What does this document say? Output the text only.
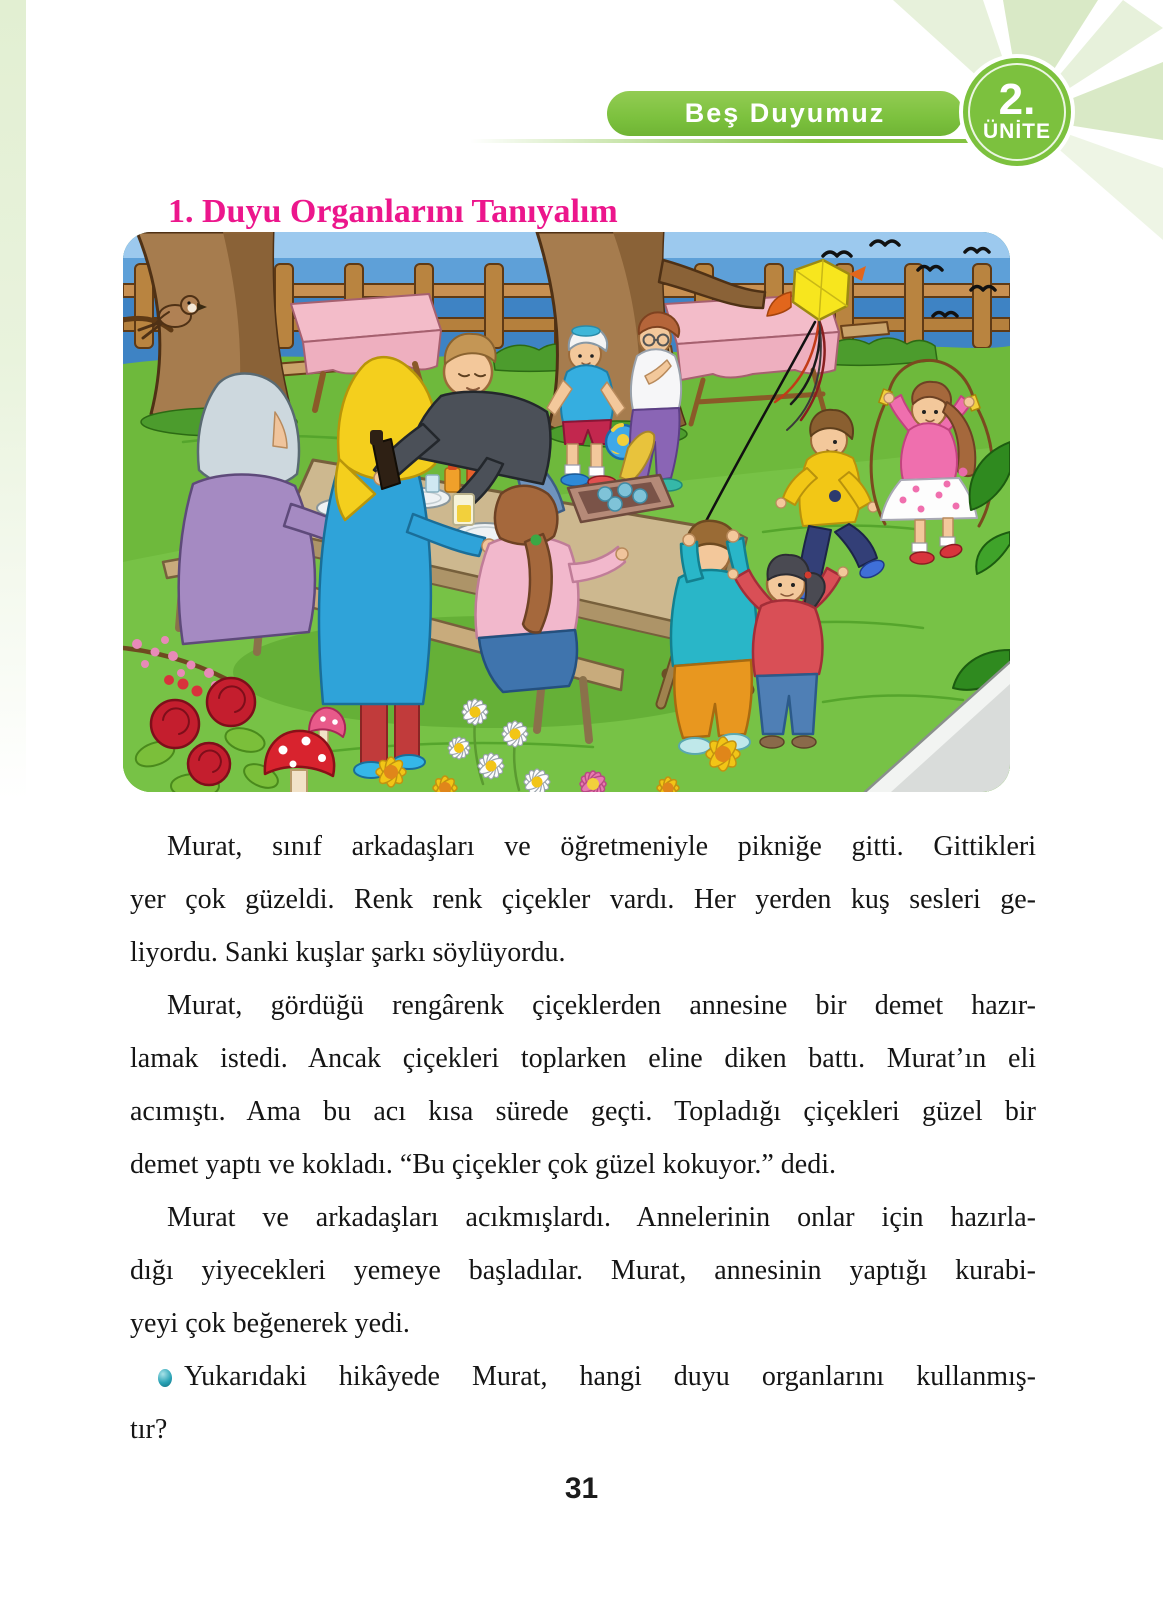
Beş Duyumuz	2.
ÜNİTE
1. Duyu Organlarını Tanıyalım
Murat, sınıf arkadaşları ve öğretmeniyle pikniğe gitti. Gittikleri
yer çok güzeldi. Renk renk çiçekler vardı. Her yerden kuş sesleri ge-
liyordu. Sanki kuşlar şarkı söylüyordu.
Murat, gördüğü rengârenk çiçeklerden annesine bir demet hazır-
lamak istedi. Ancak çiçekleri toplarken eline diken battı. Murat’ın eli
acımıştı. Ama bu acı kısa sürede geçti. Topladığı çiçekleri güzel bir
demet yaptı ve kokladı. “Bu çiçekler çok güzel kokuyor.” dedi.
Murat ve arkadaşları acıkmışlardı. Annelerinin onlar için hazırla-
dığı yiyecekleri yemeye başladılar. Murat, annesinin yaptığı kurabi-
yeyi çok beğenerek yedi.
Yukarıdaki hikâyede Murat, hangi duyu organlarını kullanmış-
tır?
31
